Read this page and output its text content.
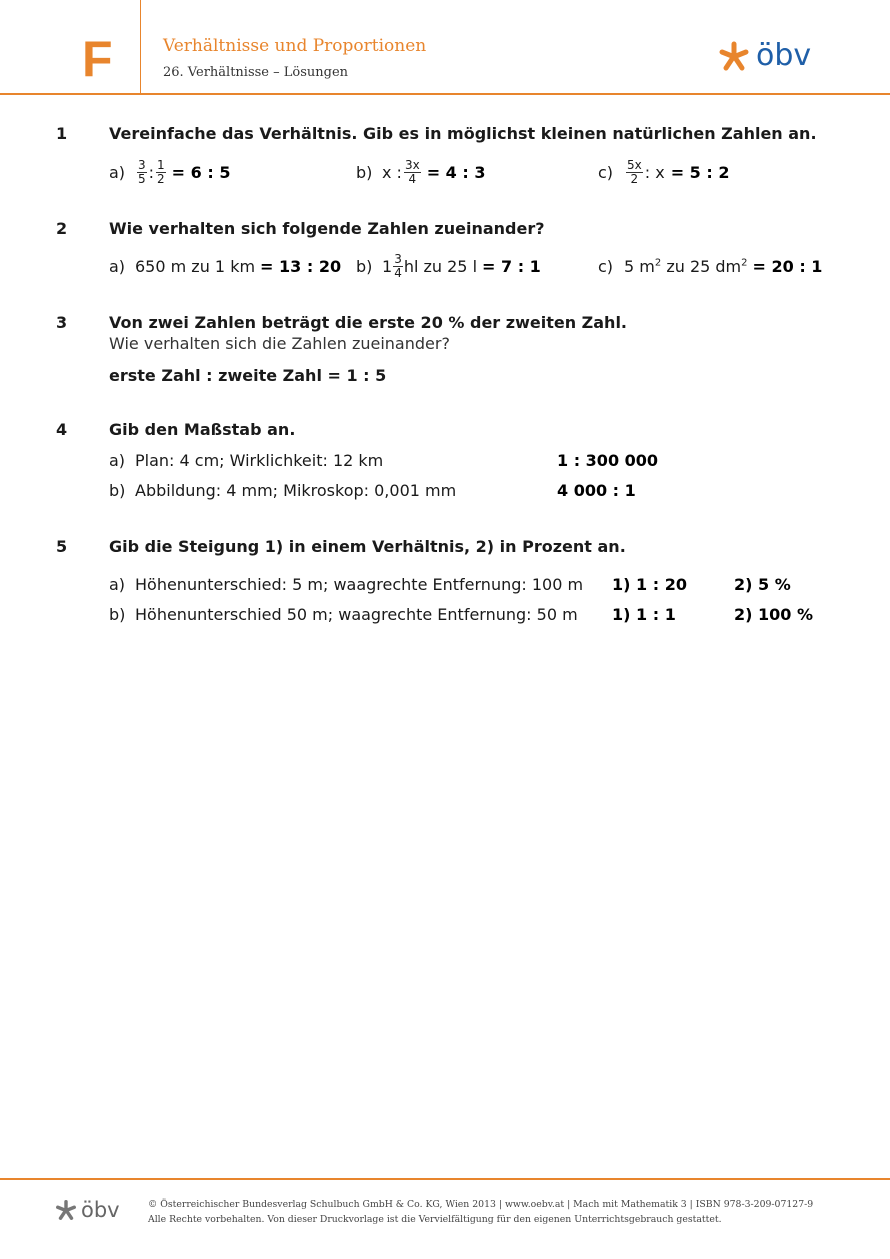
F	Verhältnisse und Proportionen
26. Verhältnisse – Lösungen	öbv
1	Vereinfache das Verhältnis. Gib es in möglichst kleinen natürlichen Zahlen an.
$a) \frac{3}{5}$ : $\frac{1}{2} = 6$ : 5	b) x : $\frac{3x}{4} = 4$ : 3	c)	$\frac{5x}{2}$ : x = 5 : 2
2	Wie verhalten sich folgende Zahlen zueinander?
a) 650 m zu 1 km = 13 : 20 b) $1 \frac{3}{4}$ hl zu 25 l = 7 : 1	c) 5 $m^2$ zu 25 $dm^2 = 20$ : 1
3	Von zwei Zahlen beträgt die erste 20 % der zweiten Zahl.
Wie verhalten sich die Zahlen zueinander?
erste Zahl : zweite Zahl = 1 : 5
4	Gib den Maßstab an.
a) Plan: 4 cm; Wirklichkeit: 12 km	1 : 300 000
b) Abbildung: 4 mm; Mikroskop: 0,001 mm	4 000 : 1
5	Gib die Steigung 1) in einem Verhältnis, 2) in Prozent an.
a) Höhenunterschied: 5 m; waagrechte Entfernung: 100 m 1) 1 : 20	2) 5 %
b) Höhenunterschied 50 m; waagrechte Entfernung: 50 m 1) 1 : 1	2) 100 %
öbv	© Österreichischer Bundesverlag Schulbuch GmbH & Co. KG, Wien 2013 | www.oebv.at | Mach mit Mathematik 3 | ISBN 978-3-209-07127-9
Alle Rechte vorbehalten. Von dieser Druckvorlage ist die Vervielfältigung für den eigenen Unterrichtsgebrauch gestattet.
